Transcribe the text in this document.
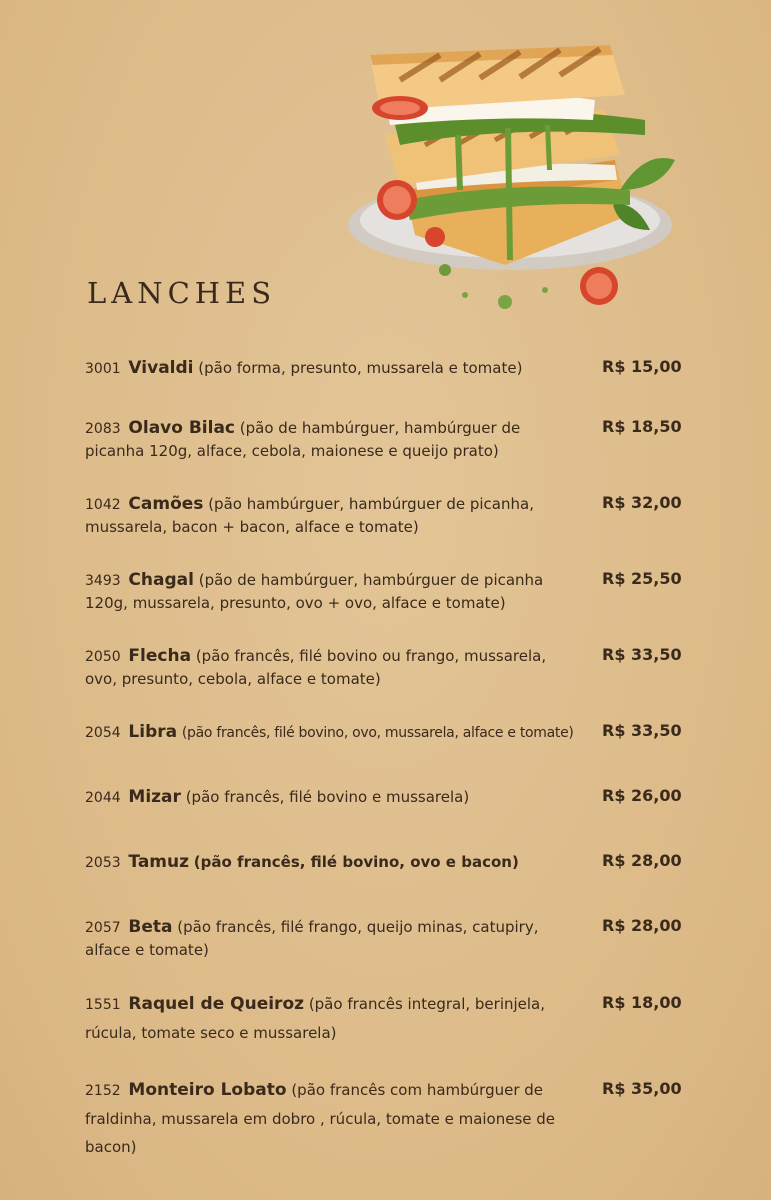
LANCHES
3001 Vivaldi (pão forma, presunto, mussarela e tomate)	R$ 15,00
2083 Olavo Bilac (pão de hambúrguer, hambúrguer de picanha 120g, alface, cebola, maionese e queijo prato)
R$ 18,50
1042 Camões (pão hambúrguer, hambúrguer de picanha, mussarela, bacon + bacon, alface e tomate)
R$ 32,00
3493 Chagal (pão de hambúrguer, hambúrguer de picanha 120g, mussarela, presunto, ovo + ovo, alface e tomate)
R$ 25,50
2050 Flecha (pão francês, filé bovino ou frango, mussarela, ovo, presunto, cebola, alface e tomate)
R$ 33,50
2054 Libra (pão francês, filé bovino, ovo, mussarela, alface e tomate) R$ 33,50
2044 Mizar (pão francês, filé bovino e mussarela)	R$ 26,00
2053 Tamuz (pão francês, filé bovino, ovo e bacon)	R$ 28,00
2057 Beta (pão francês, filé frango, queijo minas, catupiry, alface e tomate)
R$ 28,00
1551 Raquel de Queiroz (pão francês integral, berinjela, rúcula, tomate seco e mussarela)
R$ 18,00
2152 Monteiro Lobato (pão francês com hambúrguer de fraldinha, mussarela em dobro , rúcula, tomate e maionese de bacon)
R$ 35,00
